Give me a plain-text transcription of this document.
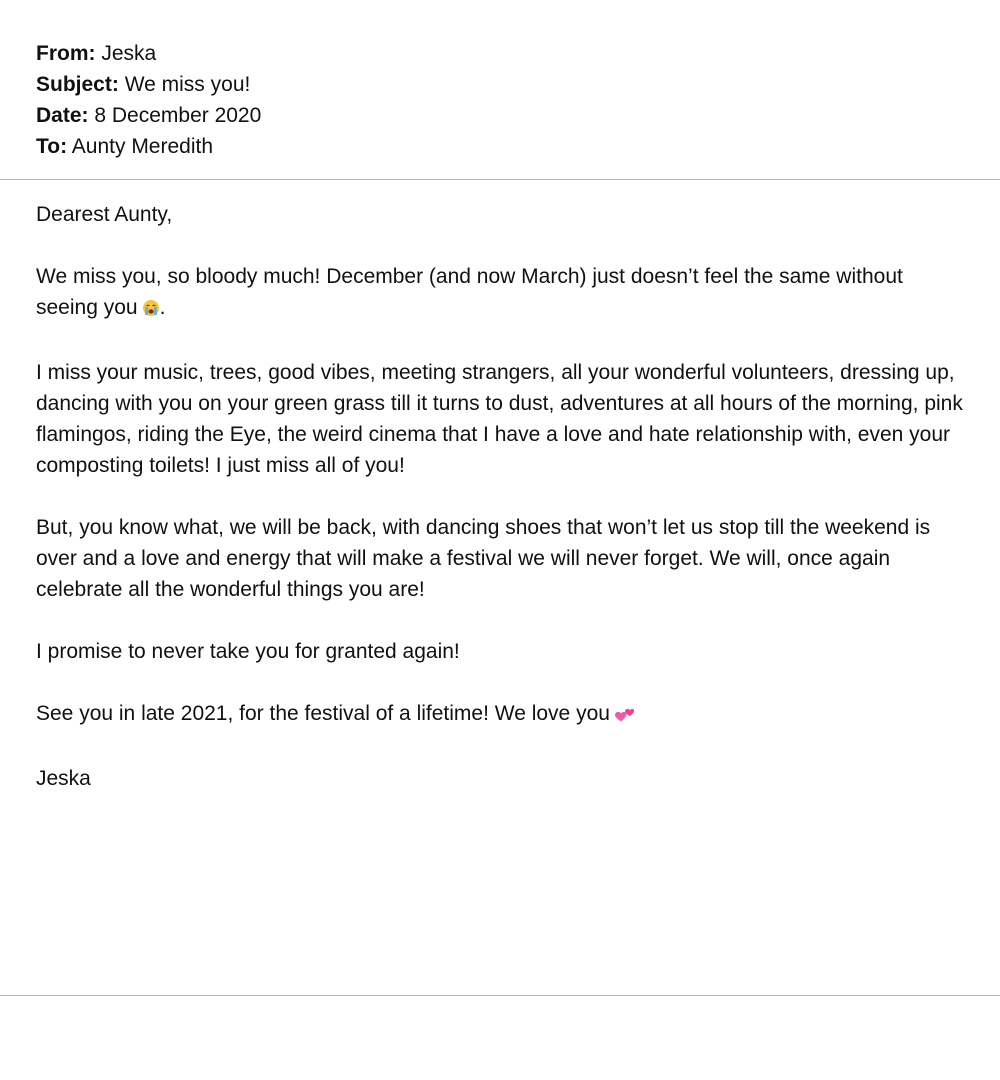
From: Jeska
Subject: We miss you!
Date: 8 December 2020
To: Aunty Meredith

Dearest Aunty,

We miss you, so bloody much! December (and now March) just doesn’t feel the same without seeing you .

I miss your music, trees, good vibes, meeting strangers, all your wonderful volunteers, dressing up, dancing with you on your green grass till it turns to dust, adventures at all hours of the morning, pink flamingos, riding the Eye, the weird cinema that I have a love and hate relationship with, even your composting toilets! I just miss all of you!

But, you know what, we will be back, with dancing shoes that won’t let us stop till the weekend is over and a love and energy that will make a festival we will never forget. We will, once again celebrate all the wonderful things you are!

I promise to never take you for granted again!

See you in late 2021, for the festival of a lifetime! We love you

Jeska
